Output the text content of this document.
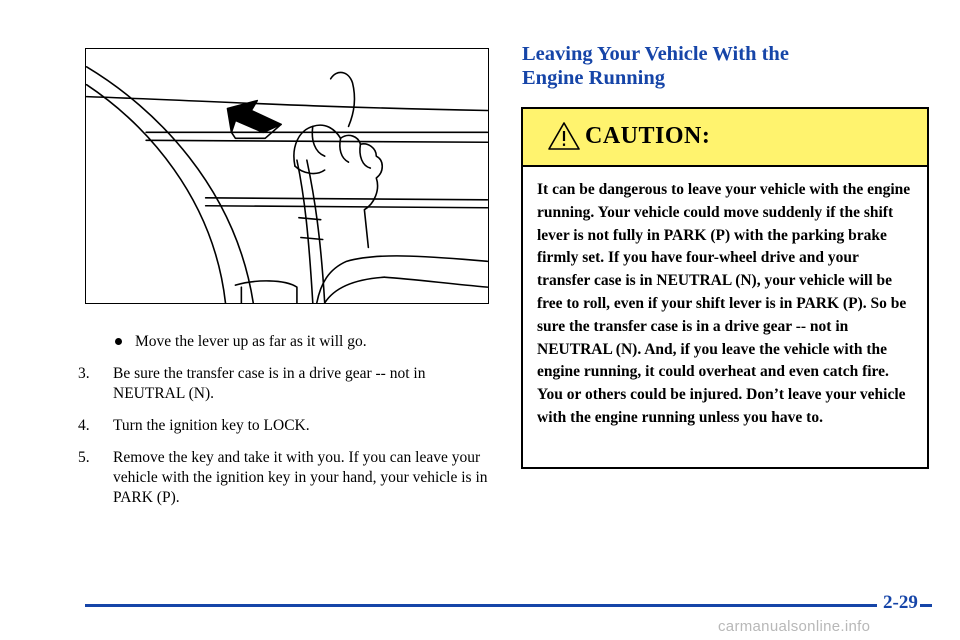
Move the lever up as far as it will go.
3. Be sure the transfer case is in a drive gear -- not in NEUTRAL (N).
4. Turn the ignition key to LOCK.
5. Remove the key and take it with you. If you can leave your vehicle with the ignition key in your hand, your vehicle is in PARK (P).
Leaving Your Vehicle With the
Engine Running
CAUTION:
It can be dangerous to leave your vehicle with the engine running. Your vehicle could move suddenly if the shift lever is not fully in PARK (P) with the parking brake firmly set. If you have four-wheel drive and your transfer case is in NEUTRAL (N), your vehicle will be free to roll, even if your shift lever is in PARK (P). So be sure the transfer case is in a drive gear -- not in NEUTRAL (N). And, if you leave the vehicle with the engine running, it could overheat and even catch fire. You or others could be injured. Don’t leave your vehicle with the engine running unless you have to.
2-29
carmanualsonline.info
